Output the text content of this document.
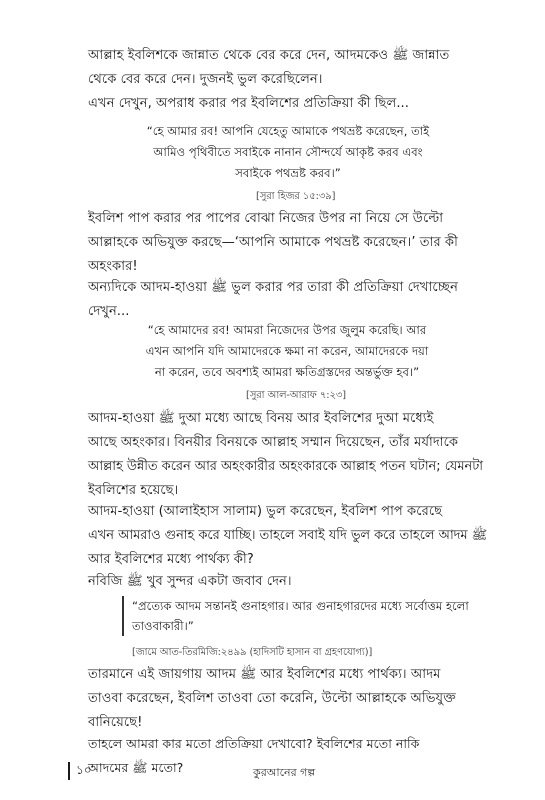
আল্লাহ ইবলিশকে জান্নাত থেকে বের করে দেন, আদমকেও ﷺ জান্নাত
থেকে বের করে দেন। দুজনই ভুল করেছিলেন।
এখন দেখুন, অপরাধ করার পর ইবলিশের প্রতিক্রিয়া কী ছিল...
“হে আমার রব! আপনি যেহেতু আমাকে পথভ্রষ্ট করেছেন, তাই
আমিও পৃথিবীতে সবাইকে নানান সৌন্দর্যে আকৃষ্ট করব এবং
সবাইকে পথভ্রষ্ট করব।”
[সুরা হিজর ১৫:৩৯]
ইবলিশ পাপ করার পর পাপের বোঝা নিজের উপর না নিয়ে সে উল্টো
আল্লাহকে অভিযুক্ত করছে—‘আপনি আমাকে পথভ্রষ্ট করেছেন।’ তার কী
অহংকার!
অন্যদিকে আদম-হাওয়া ﷺ ভুল করার পর তারা কী প্রতিক্রিয়া দেখাচ্ছেন
দেখুন...
“হে আমাদের রব! আমরা নিজেদের উপর জুলুম করেছি। আর
এখন আপনি যদি আমাদেরকে ক্ষমা না করেন, আমাদেরকে দয়া
না করেন, তবে অবশ্যই আমরা ক্ষতিগ্রস্তদের অন্তর্ভুক্ত হব।”
[সুরা আল-আরাফ ৭:২৩]
আদম-হাওয়া ﷺ দুআ মধ্যে আছে বিনয় আর ইবলিশের দুআ মধ্যেই
আছে অহংকার। বিনয়ীর বিনয়কে আল্লাহ সম্মান দিয়েছেন, তাঁর মর্যাদাকে
আল্লাহ উন্নীত করেন আর অহংকারীর অহংকারকে আল্লাহ পতন ঘটান; যেমনটা
ইবলিশের হয়েছে।
আদম-হাওয়া (আলাইহাস সালাম) ভুল করেছেন, ইবলিশ পাপ করেছে
এখন আমরাও গুনাহ করে যাচ্ছি। তাহলে সবাই যদি ভুল করে তাহলে আদম ﷺ
আর ইবলিশের মধ্যে পার্থক্য কী?
নবিজি ﷺ খুব সুন্দর একটা জবাব দেন।
“প্রত্যেক আদম সন্তানই গুনাহগার। আর গুনাহগারদের মধ্যে সর্বোত্তম হলো
তাওবাকারী।”
[জামে আত-তিরমিজি:২৪৯৯ (হাদিসটি হাসান বা গ্রহণযোগ্য)]
তারমানে এই জায়গায় আদম ﷺ আর ইবলিশের মধ্যে পার্থক্য। আদম
তাওবা করেছেন, ইবলিশ তাওবা তো করেনি, উল্টো আল্লাহকে অভিযুক্ত
বানিয়েছে!
তাহলে আমরা কার মতো প্রতিক্রিয়া দেখাবো? ইবলিশের মতো নাকি
আদমের ﷺ মতো?
১০	কুরআনের গল্প
